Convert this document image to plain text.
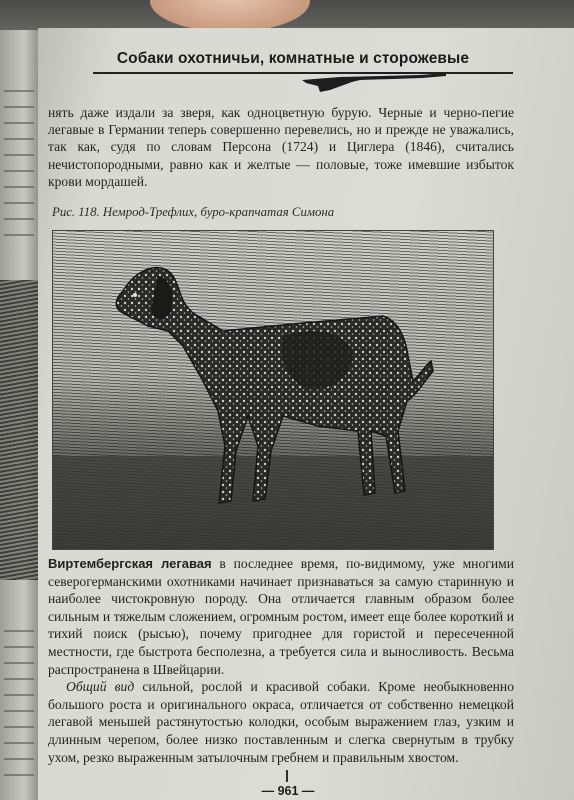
Собаки охотничьи, комнатные и сторожевые
нять даже издали за зверя, как одноцветную бурую. Черные и черно-пегие легавые в Германии теперь совершенно перевелись, но и прежде не уважались, так как, судя по словам Персона (1724) и Циглера (1846), считались нечистопородными, равно как и желтые — половые, тоже имевшие избыток крови мордашей.
Рис. 118. Немрод-Трефлих, буро-крапчатая Симона
Виртембергская легавая в последнее время, по-видимому, уже многими северогерманскими охотниками начинает признаваться за самую старинную и наиболее чистокровную породу. Она отличается главным образом более сильным и тяжелым сложением, огромным ростом, имеет еще более короткий и тихий поиск (рысью), почему пригоднее для гористой и пересеченной местности, где быстрота бесполезна, а требуется сила и выносливость. Весьма распространена в Швейцарии.
Общий вид сильной, рослой и красивой собаки. Кроме необыкновенно большого роста и оригинального окраса, отличается от собственно немецкой легавой меньшей растянутостью колодки, особым выражением глаз, узким и длинным черепом, более низко поставленным и слегка свернутым в трубку ухом, резко выраженным затылочным гребнем и правильным хвостом.
— 961 —
